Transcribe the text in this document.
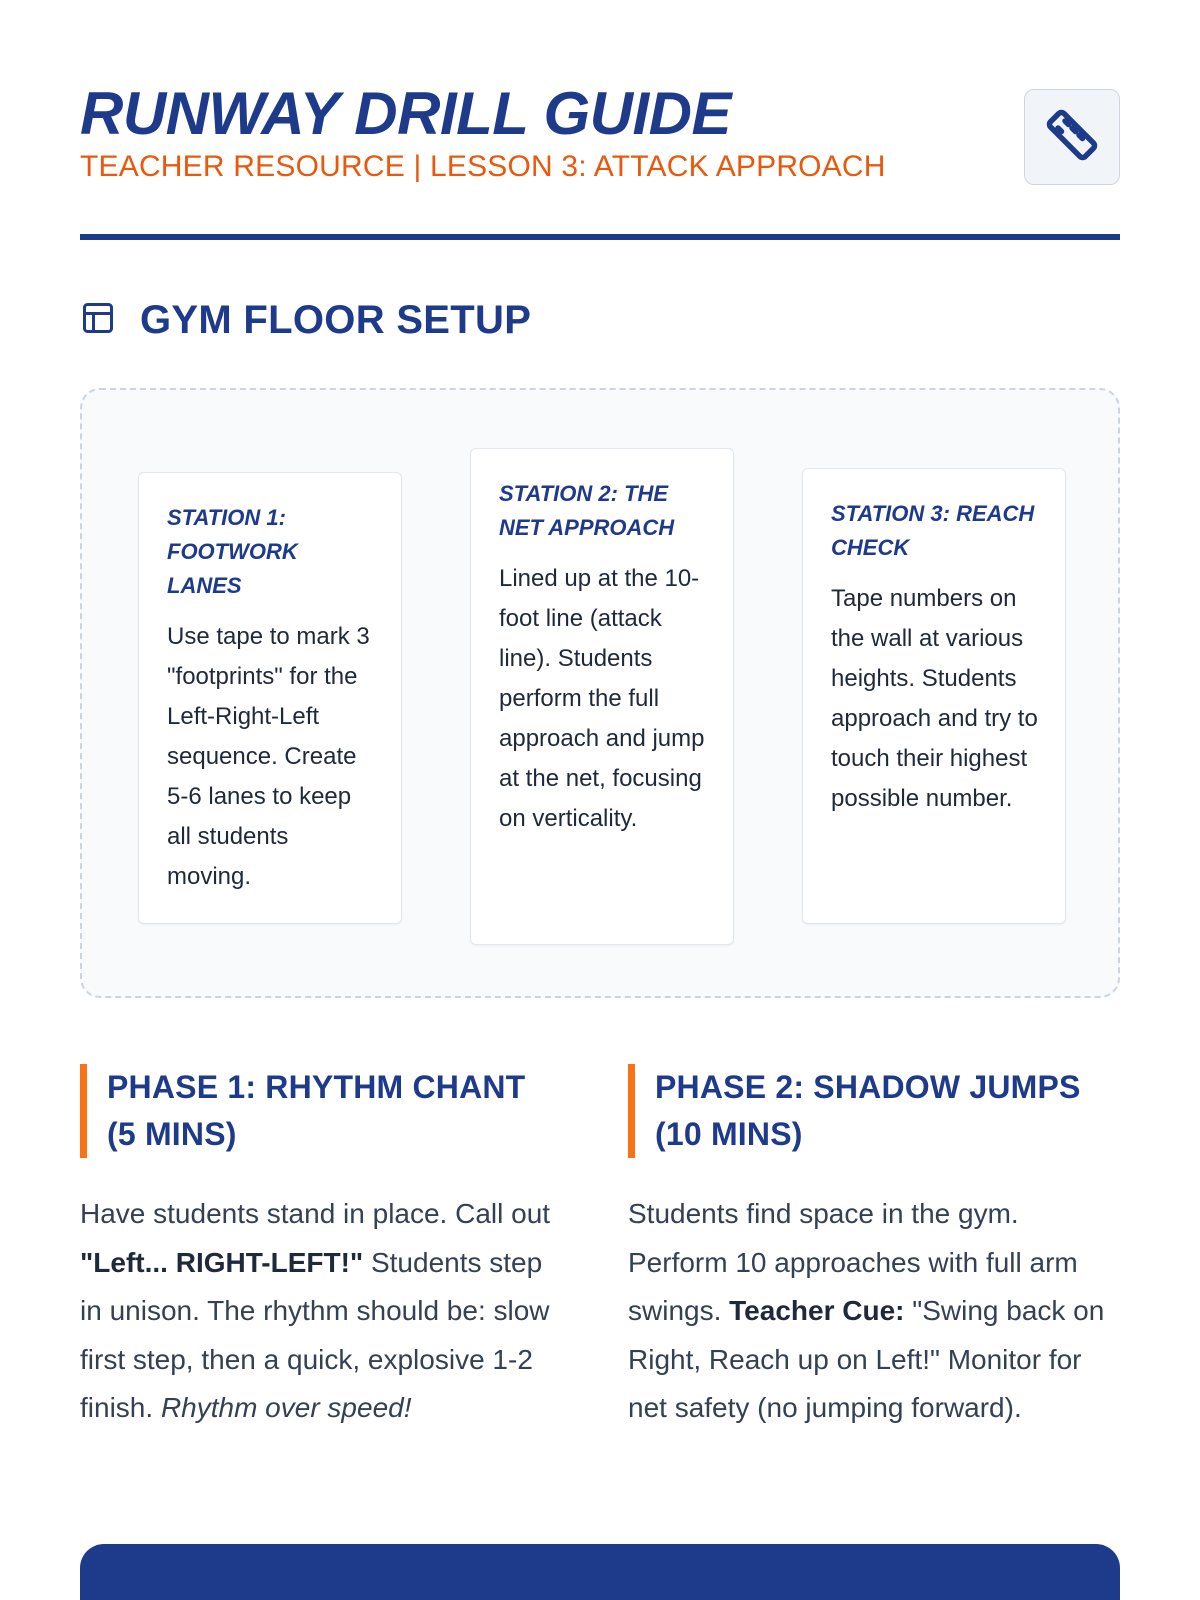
RUNWAY DRILL GUIDE
TEACHER RESOURCE | LESSON 3: ATTACK APPROACH
GYM FLOOR SETUP
STATION 1: FOOTWORK LANES
Use tape to mark 3 "footprints" for the Left-Right-Left sequence. Create 5-6 lanes to keep all students moving.
STATION 2: THE NET APPROACH
Lined up at the 10-foot line (attack line). Students perform the full approach and jump at the net, focusing on verticality.
STATION 3: REACH CHECK
Tape numbers on the wall at various heights. Students approach and try to touch their highest possible number.
PHASE 1: RHYTHM CHANT (5 MINS)
Have students stand in place. Call out "Left... RIGHT-LEFT!" Students step in unison. The rhythm should be: slow first step, then a quick, explosive 1-2 finish. Rhythm over speed!
PHASE 2: SHADOW JUMPS (10 MINS)
Students find space in the gym. Perform 10 approaches with full arm swings. Teacher Cue: "Swing back on Right, Reach up on Left!" Monitor for net safety (no jumping forward).
